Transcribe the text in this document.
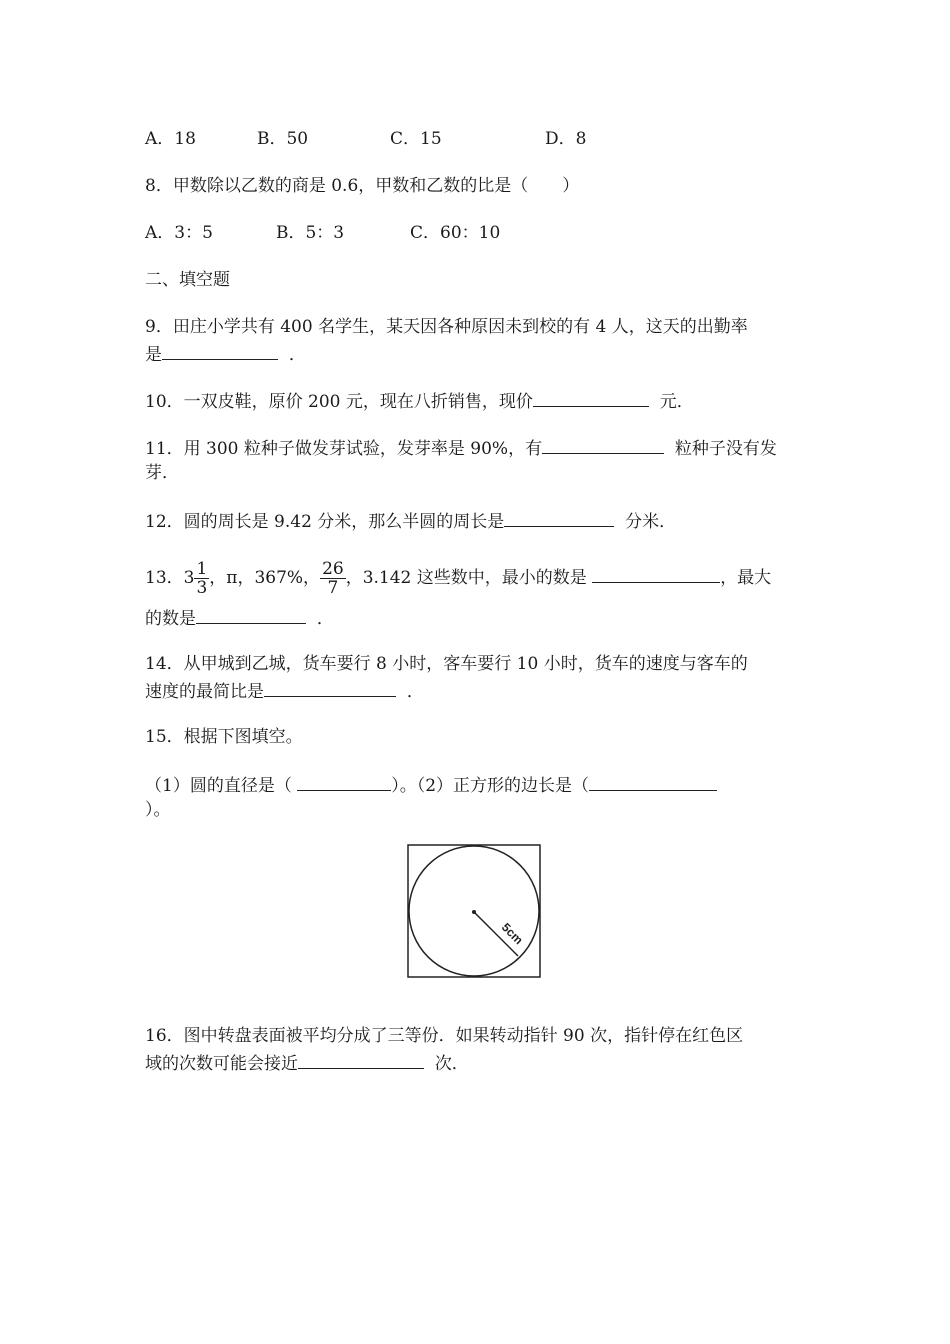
A．18	B．50	C．15	D．8
8．甲数除以乙数的商是 0.6，甲数和乙数的比是（　　）
A．3：5	B．5：3	C．60：10
二、填空题
9．田庄小学共有 400 名学生，某天因各种原因未到校的有 4 人，这天的出勤率
是	．
10．一双皮鞋，原价 200 元，现在八折销售，现价	元．
11．用 300 粒种子做发芽试验，发芽率是 90%，有	粒种子没有发
芽．
12．圆的周长是 9.42 分米，那么半圆的周长是	分米．
13．$3 \frac{1}{3}$ ，π，367%， $\frac{26}{7}$ ，3.142 这些数中，最小的数是	，最大
的数是	．
14．从甲城到乙城，货车要行 8 小时，客车要行 10 小时，货车的速度与客车的
速度的最简比是	．
15．根据下图填空。
（1）圆的直径是（	）。（2）正方形的边长是（
）。
5cm
16．图中转盘表面被平均分成了三等份．如果转动指针 90 次，指针停在红色区
域的次数可能会接近	次．
